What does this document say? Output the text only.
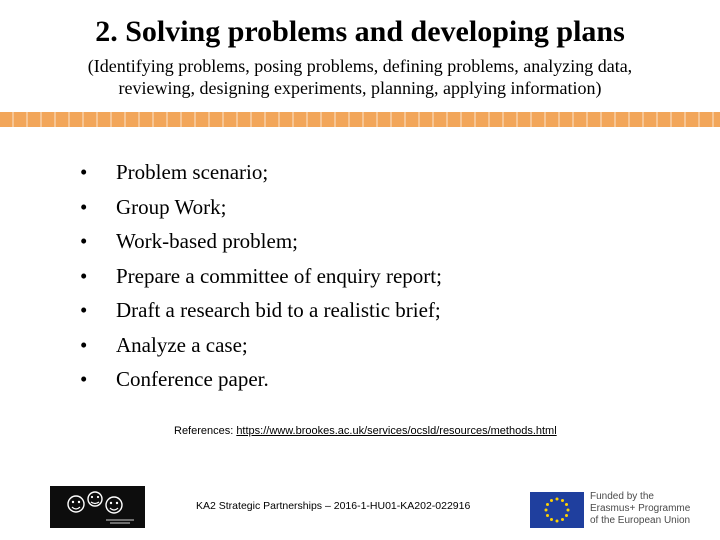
2. Solving problems and developing plans
(Identifying problems, posing problems, defining problems, analyzing data,
reviewing, designing experiments, planning, applying information)
• Problem scenario;
• Group Work;
• Work-based problem;
• Prepare a committee of enquiry report;
• Draft a research bid to a realistic brief;
• Analyze a case;
• Conference paper.
References: https://www.brookes.ac.uk/services/ocsld/resources/methods.html
KA2 Strategic Partnerships – 2016-1-HU01-KA202-022916
Funded by the
Erasmus+ Programme
of the European Union
